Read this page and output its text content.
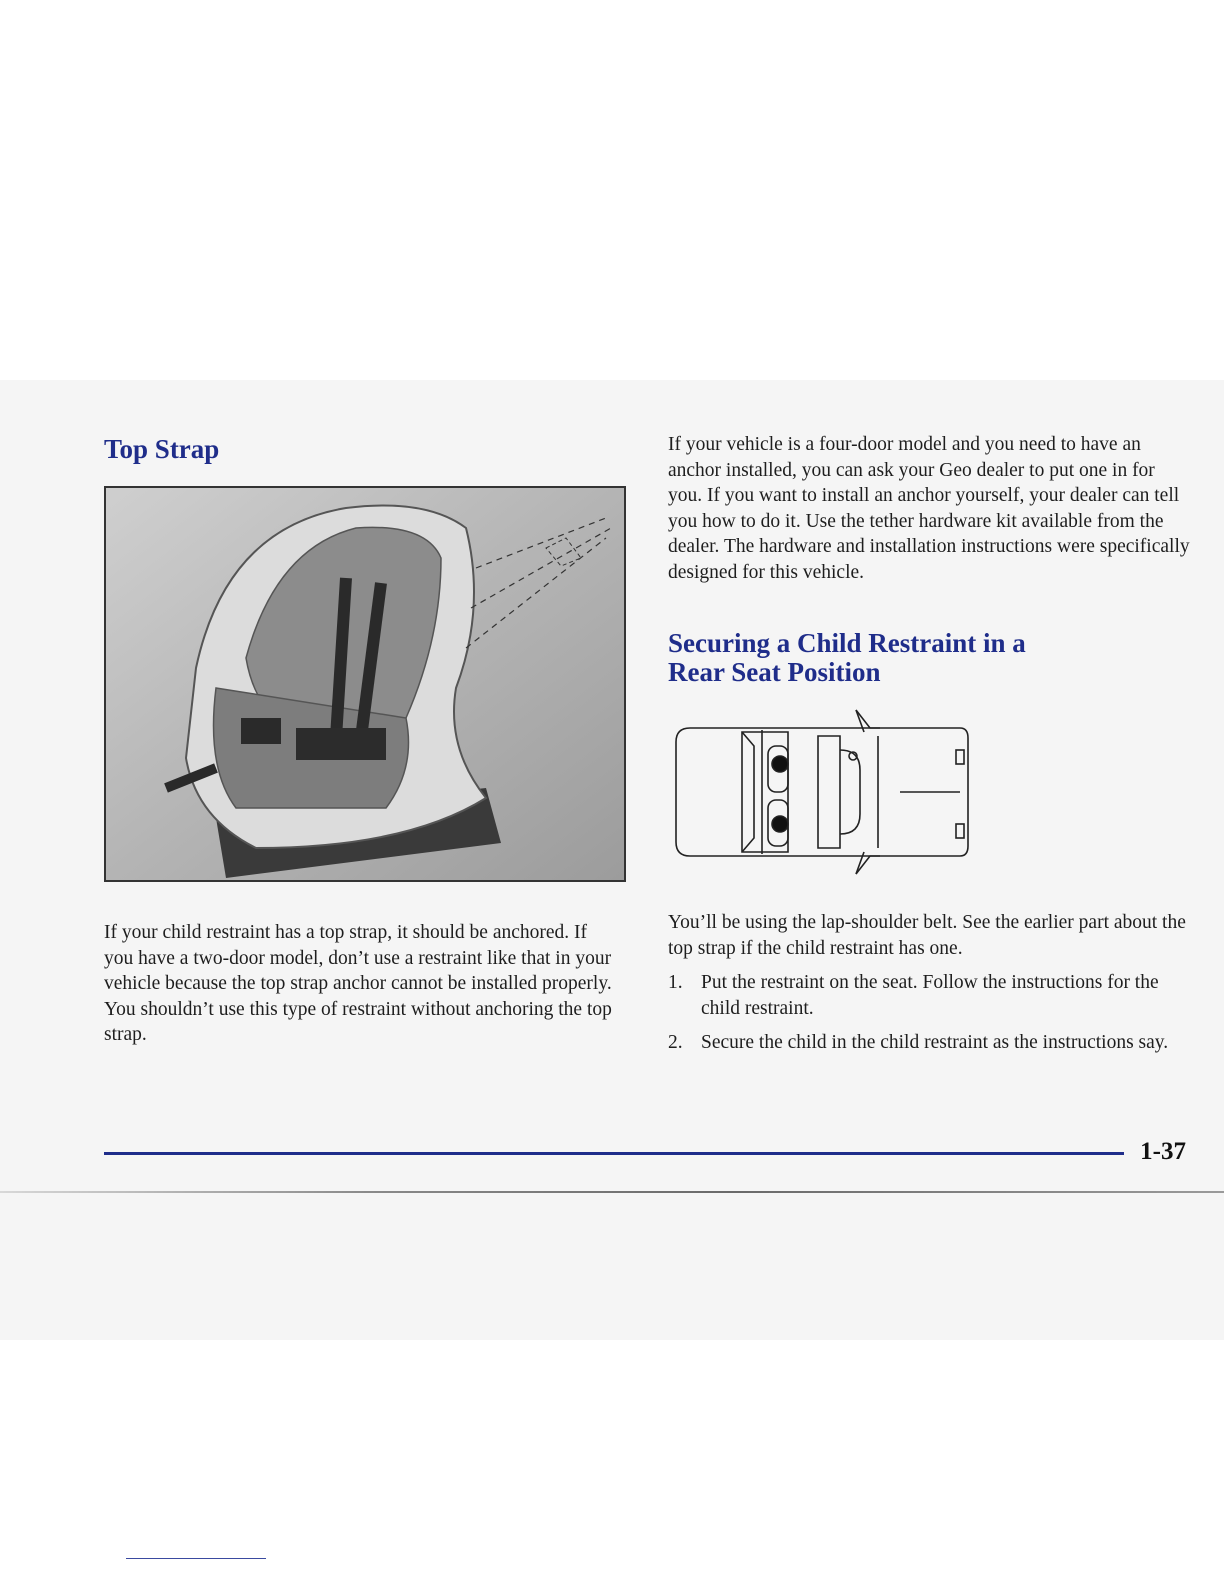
Top Strap

If your child restraint has a top strap, it should be anchored. If you have a two-door model, don’t use a restraint like that in your vehicle because the top strap anchor cannot be installed properly. You shouldn’t use this type of restraint without anchoring the top strap.

If your vehicle is a four-door model and you need to have an anchor installed, you can ask your Geo dealer to put one in for you. If you want to install an anchor yourself, your dealer can tell you how to do it. Use the tether hardware kit available from the dealer. The hardware and installation instructions were specifically designed for this vehicle.

Securing a Child Restraint in a
Rear Seat Position

You’ll be using the lap-shoulder belt. See the earlier part about the top strap if the child restraint has one.

1. Put the restraint on the seat. Follow the instructions for the child restraint.
2. Secure the child in the child restraint as the instructions say.
1-37
